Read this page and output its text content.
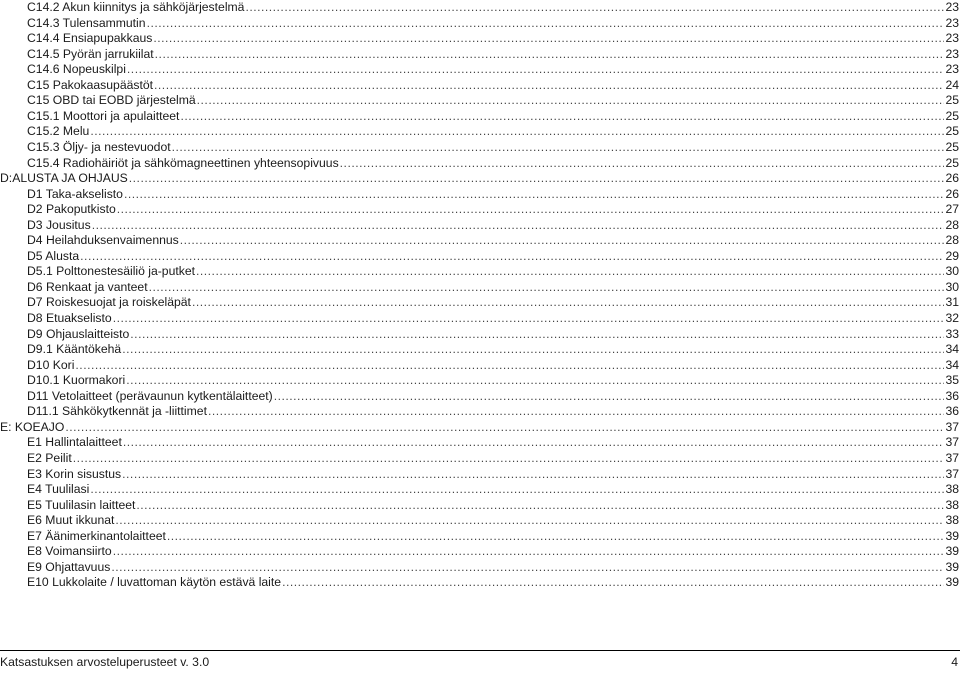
C14.2 Akun kiinnitys ja sähköjärjestelmä .....	23
C14.3 Tulensammutin .....	23
C14.4 Ensiapupakkaus .....	23
C14.5 Pyörän jarrukiilat .....	23
C14.6 Nopeuskilpi .....	23
C15 Pakokaasupäästöt .....	24
C15 OBD tai EOBD järjestelmä .....	25
C15.1 Moottori ja apulaitteet .....	25
C15.2 Melu .....	25
C15.3 Öljy- ja nestevuodot .....	25
C15.4 Radiohäiriöt ja sähkömagneettinen yhteensopivuus .....	25
D:ALUSTA JA OHJAUS .....	26
D1 Taka-akselisto .....	26
D2 Pakoputkisto .....	27
D3 Jousitus .....	28
D4 Heilahduksenvaimennus .....	28
D5 Alusta .....	29
D5.1 Polttonestesäiliö ja-putket .....	30
D6 Renkaat ja vanteet .....	30
D7 Roiskesuojat ja roiskeläpät .....	31
D8 Etuakselisto .....	32
D9 Ohjauslaitteisto .....	33
D9.1 Kääntökehä .....	34
D10 Kori .....	34
D10.1 Kuormakori .....	35
D11 Vetolaitteet (perävaunun kytkentälaitteet) .....	36
D11.1 Sähkökytkennät ja -liittimet .....	36
E: KOEAJO .....	37
E1 Hallintalaitteet .....	37
E2 Peilit .....	37
E3 Korin sisustus .....	37
E4 Tuulilasi .....	38
E5 Tuulilasin laitteet .....	38
E6 Muut ikkunat .....	38
E7 Äänimerkinantolaitteet .....	39
E8 Voimansiirto .....	39
E9 Ohjattavuus .....	39
E10 Lukkolaite / luvattoman käytön estävä laite .....	39
Katsastuksen arvosteluperusteet v. 3.0	4
